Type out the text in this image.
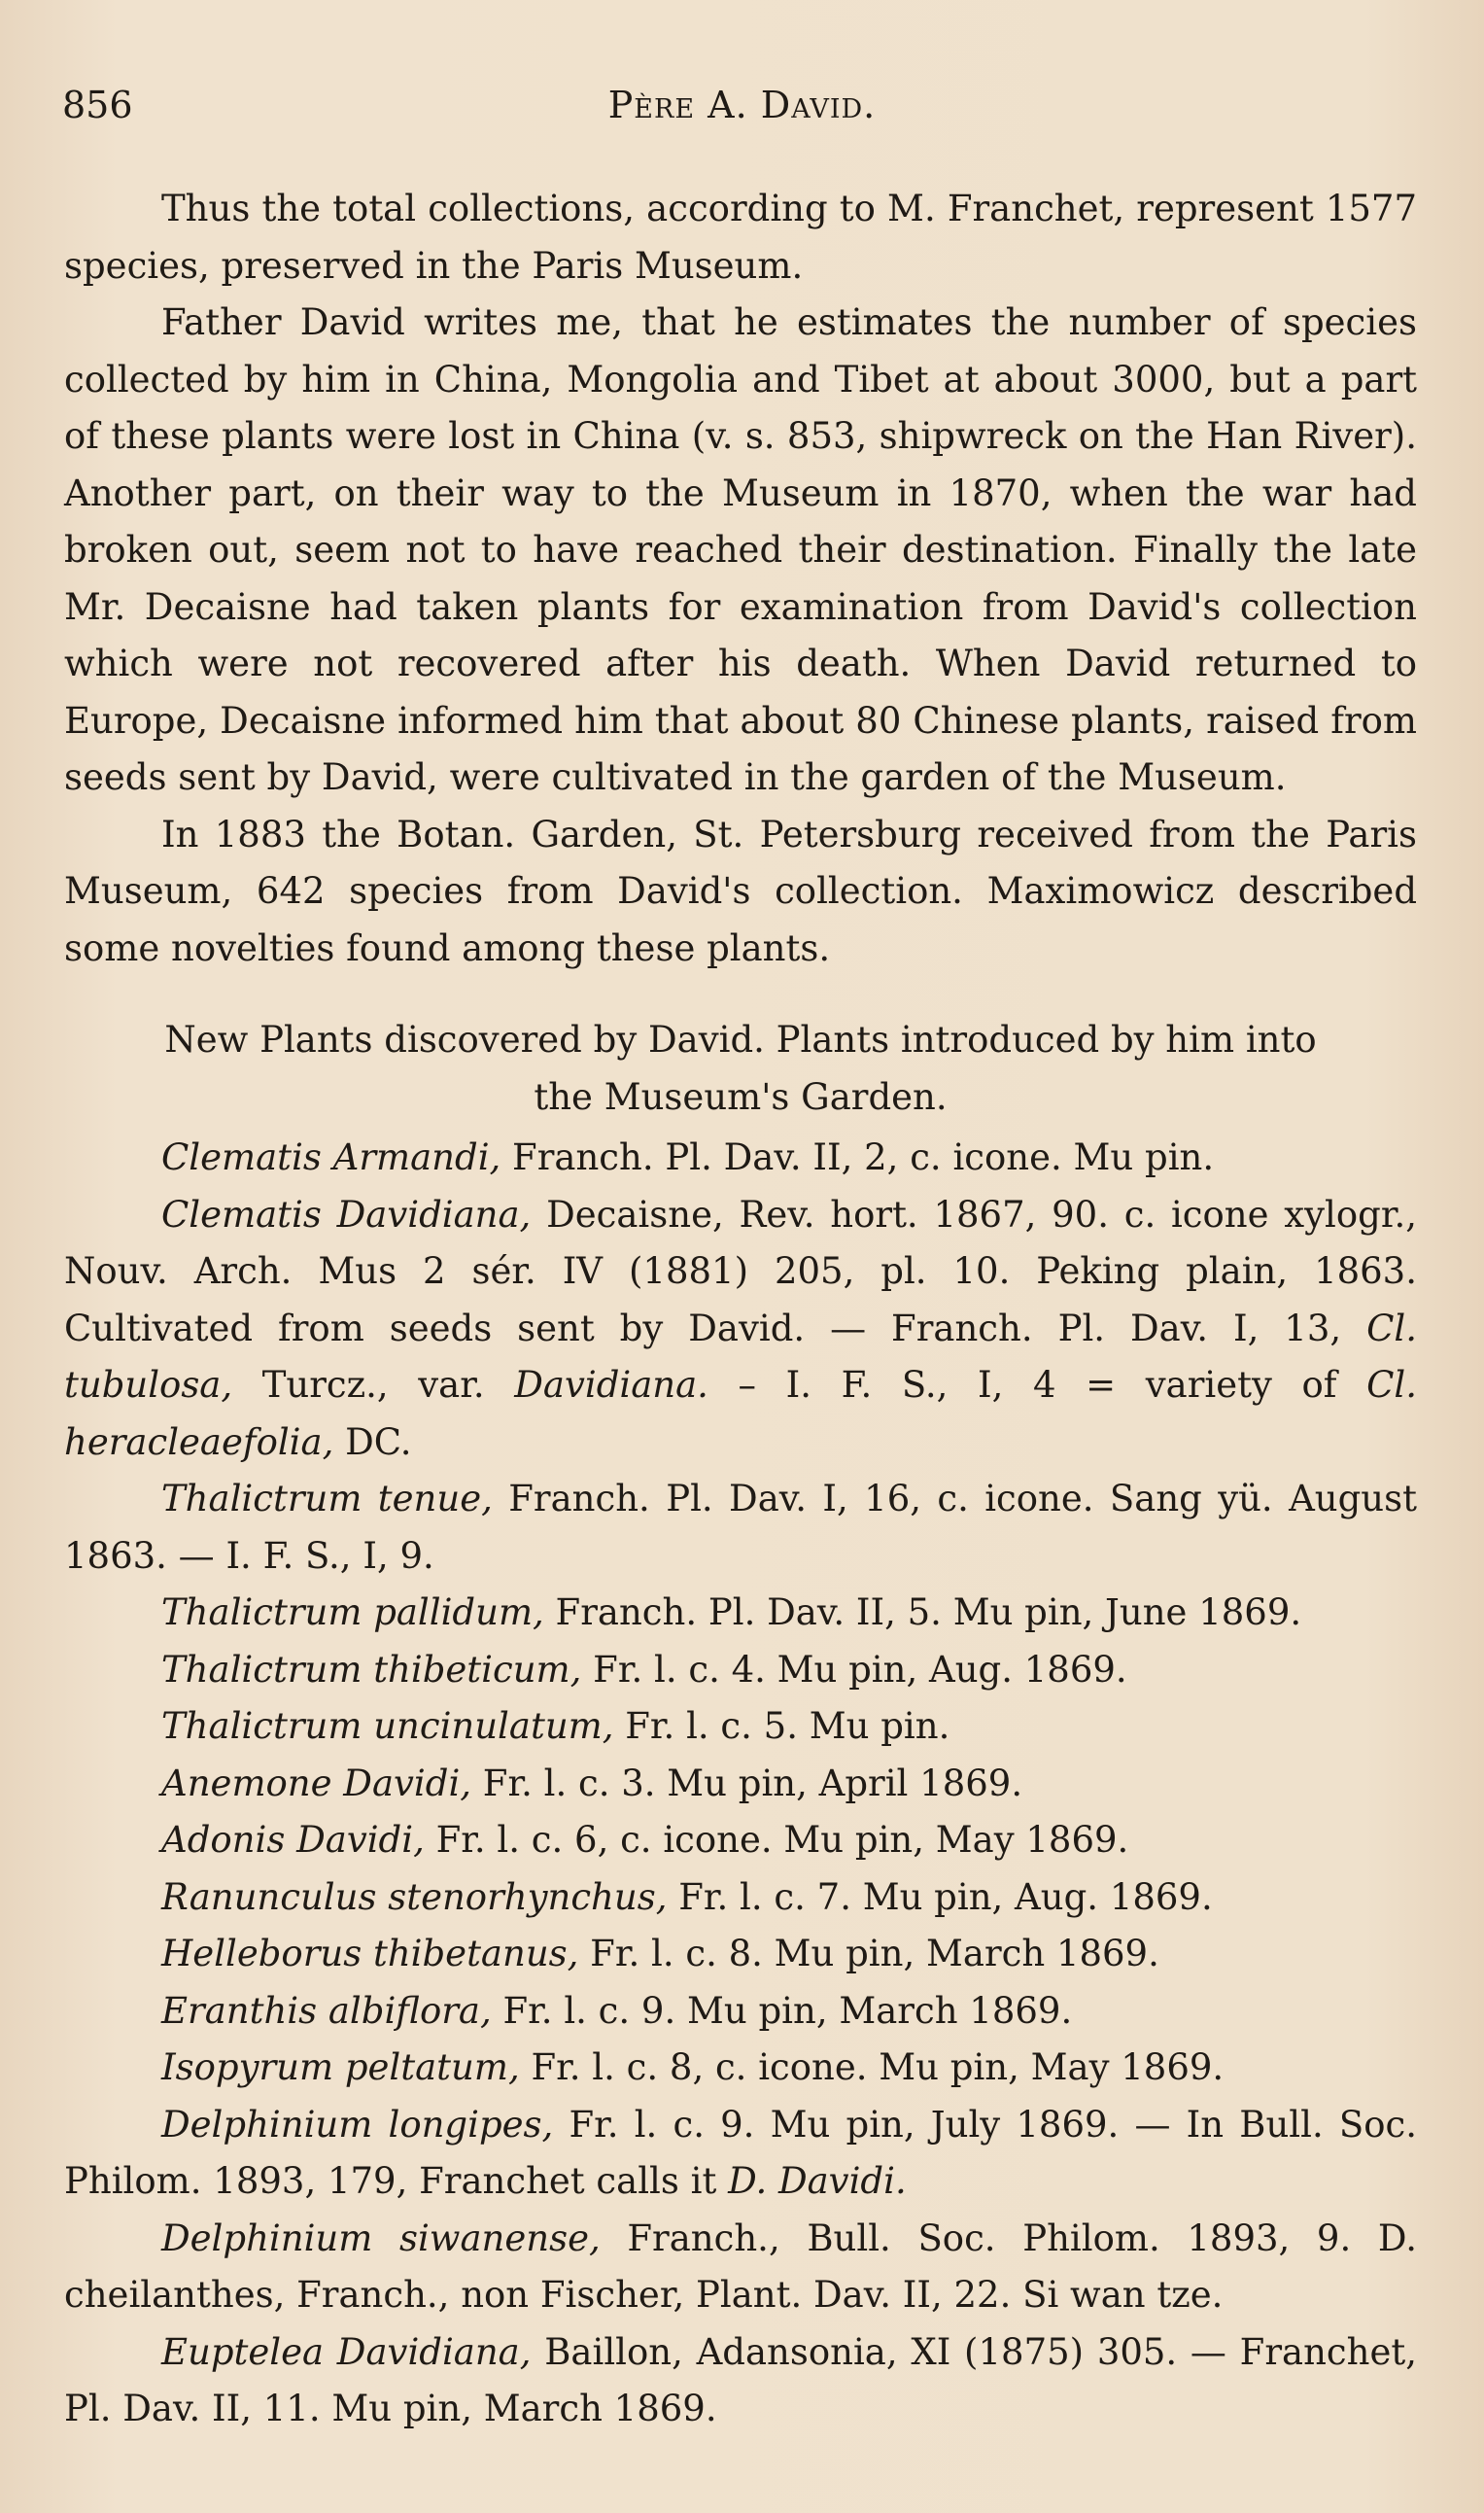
856	Père A. David.

Thus the total collections, according to M. Franchet, represent 1577 species, preserved in the Paris Museum.

Father David writes me, that he estimates the number of species collected by him in China, Mongolia and Tibet at about 3000, but a part of these plants were lost in China (v. s. 853, shipwreck on the Han River). Another part, on their way to the Museum in 1870, when the war had broken out, seem not to have reached their destination. Finally the late Mr. Decaisne had taken plants for examination from David's collection which were not recovered after his death. When David returned to Europe, Decaisne informed him that about 80 Chinese plants, raised from seeds sent by David, were cultivated in the garden of the Museum.

In 1883 the Botan. Garden, St. Petersburg received from the Paris Museum, 642 species from David's collection. Maximowicz described some novelties found among these plants.

New Plants discovered by David. Plants introduced by him into
the Museum's Garden.

Clematis Armandi, Franch. Pl. Dav. II, 2, c. icone. Mu pin.

Clematis Davidiana, Decaisne, Rev. hort. 1867, 90. c. icone xylogr., Nouv. Arch. Mus 2 sér. IV (1881) 205, pl. 10. Peking plain, 1863. Cultivated from seeds sent by David. — Franch. Pl. Dav. I, 13, Cl. tubulosa, Turcz., var. Davidiana. – I. F. S., I, 4 = variety of Cl. heracleaefolia, DC.

Thalictrum tenue, Franch. Pl. Dav. I, 16, c. icone. Sang yü. August 1863. — I. F. S., I, 9.

Thalictrum pallidum, Franch. Pl. Dav. II, 5. Mu pin, June 1869.

Thalictrum thibeticum, Fr. l. c. 4. Mu pin, Aug. 1869.

Thalictrum uncinulatum, Fr. l. c. 5. Mu pin.

Anemone Davidi, Fr. l. c. 3. Mu pin, April 1869.

Adonis Davidi, Fr. l. c. 6, c. icone. Mu pin, May 1869.

Ranunculus stenorhynchus, Fr. l. c. 7. Mu pin, Aug. 1869.

Helleborus thibetanus, Fr. l. c. 8. Mu pin, March 1869.

Eranthis albiflora, Fr. l. c. 9. Mu pin, March 1869.

Isopyrum peltatum, Fr. l. c. 8, c. icone. Mu pin, May 1869.

Delphinium longipes, Fr. l. c. 9. Mu pin, July 1869. — In Bull. Soc. Philom. 1893, 179, Franchet calls it D. Davidi.

Delphinium siwanense, Franch., Bull. Soc. Philom. 1893, 9. D. cheilanthes, Franch., non Fischer, Plant. Dav. II, 22. Si wan tze.

Euptelea Davidiana, Baillon, Adansonia, XI (1875) 305. — Franchet, Pl. Dav. II, 11. Mu pin, March 1869.
